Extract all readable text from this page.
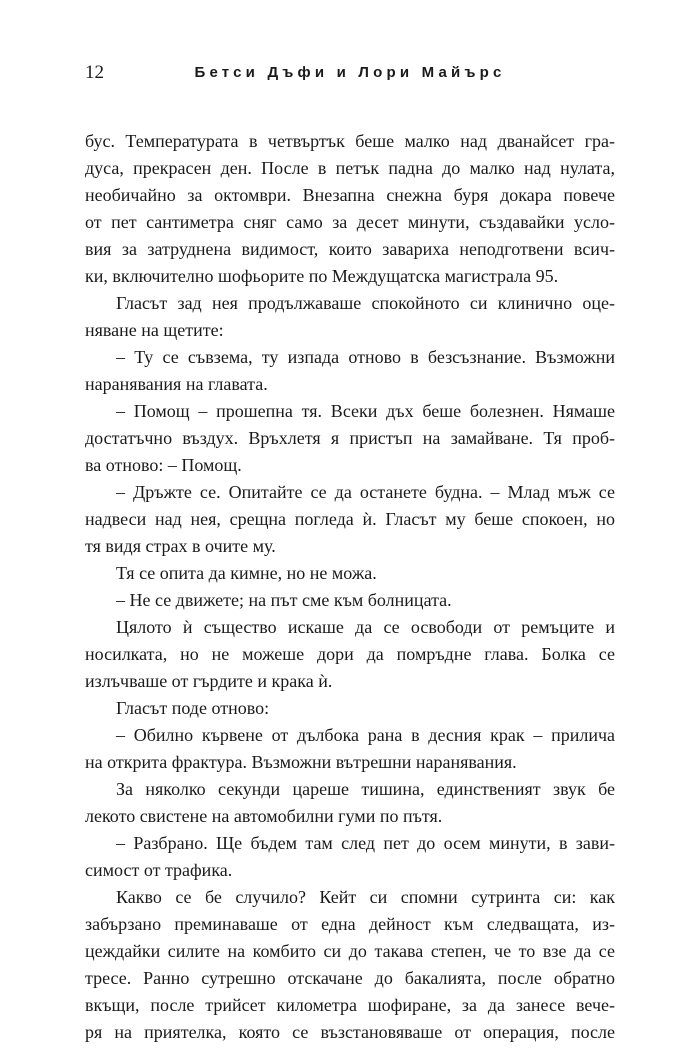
12	Бетси Дъфи и Лори Майърс
бус. Температурата в четвъртък беше малко над дванайсет гра-
дуса, прекрасен ден. После в петък падна до малко над нулата,
необичайно за октомври. Внезапна снежна буря докара повече
от пет сантиметра сняг само за десет минути, създавайки усло-
вия за затруднена видимост, които завариха неподготвени всич-
ки, включително шофьорите по Междущатска магистрала 95.
Гласът зад нея продължаваше спокойното си клинично оце-
няване на щетите:
– Ту се съвзема, ту изпада отново в безсъзнание. Възможни
наранявания на главата.
– Помощ – прошепна тя. Всеки дъх беше болезнен. Нямаше
достатъчно въздух. Връхлетя я пристъп на замайване. Тя проб-
ва отново: – Помощ.
– Дръжте се. Опитайте се да останете будна. – Млад мъж се
надвеси над нея, срещна погледа ѝ. Гласът му беше спокоен, но
тя видя страх в очите му.
Тя се опита да кимне, но не можа.
– Не се движете; на път сме към болницата.
Цялото ѝ същество искаше да се освободи от ремъците и
носилката, но не можеше дори да помръдне глава. Болка се
излъчваше от гърдите и крака ѝ.
Гласът поде отново:
– Обилно кървене от дълбока рана в десния крак – прилича
на открита фрактура. Възможни вътрешни наранявания.
За няколко секунди цареше тишина, единственият звук бе
лекото свистене на автомобилни гуми по пътя.
– Разбрано. Ще бъдем там след пет до осем минути, в зави-
симост от трафика.
Какво се бе случило? Кейт си спомни сутринта си: как
забързано преминаваше от една дейност към следващата, из-
цеждайки силите на комбито си до такава степен, че то взе да се
тресе. Ранно сутрешно отскачане до бакалията, после обратно
вкъщи, после трийсет километра шофиране, за да занесе вече-
ря на приятелка, която се възстановяваше от операция, после
